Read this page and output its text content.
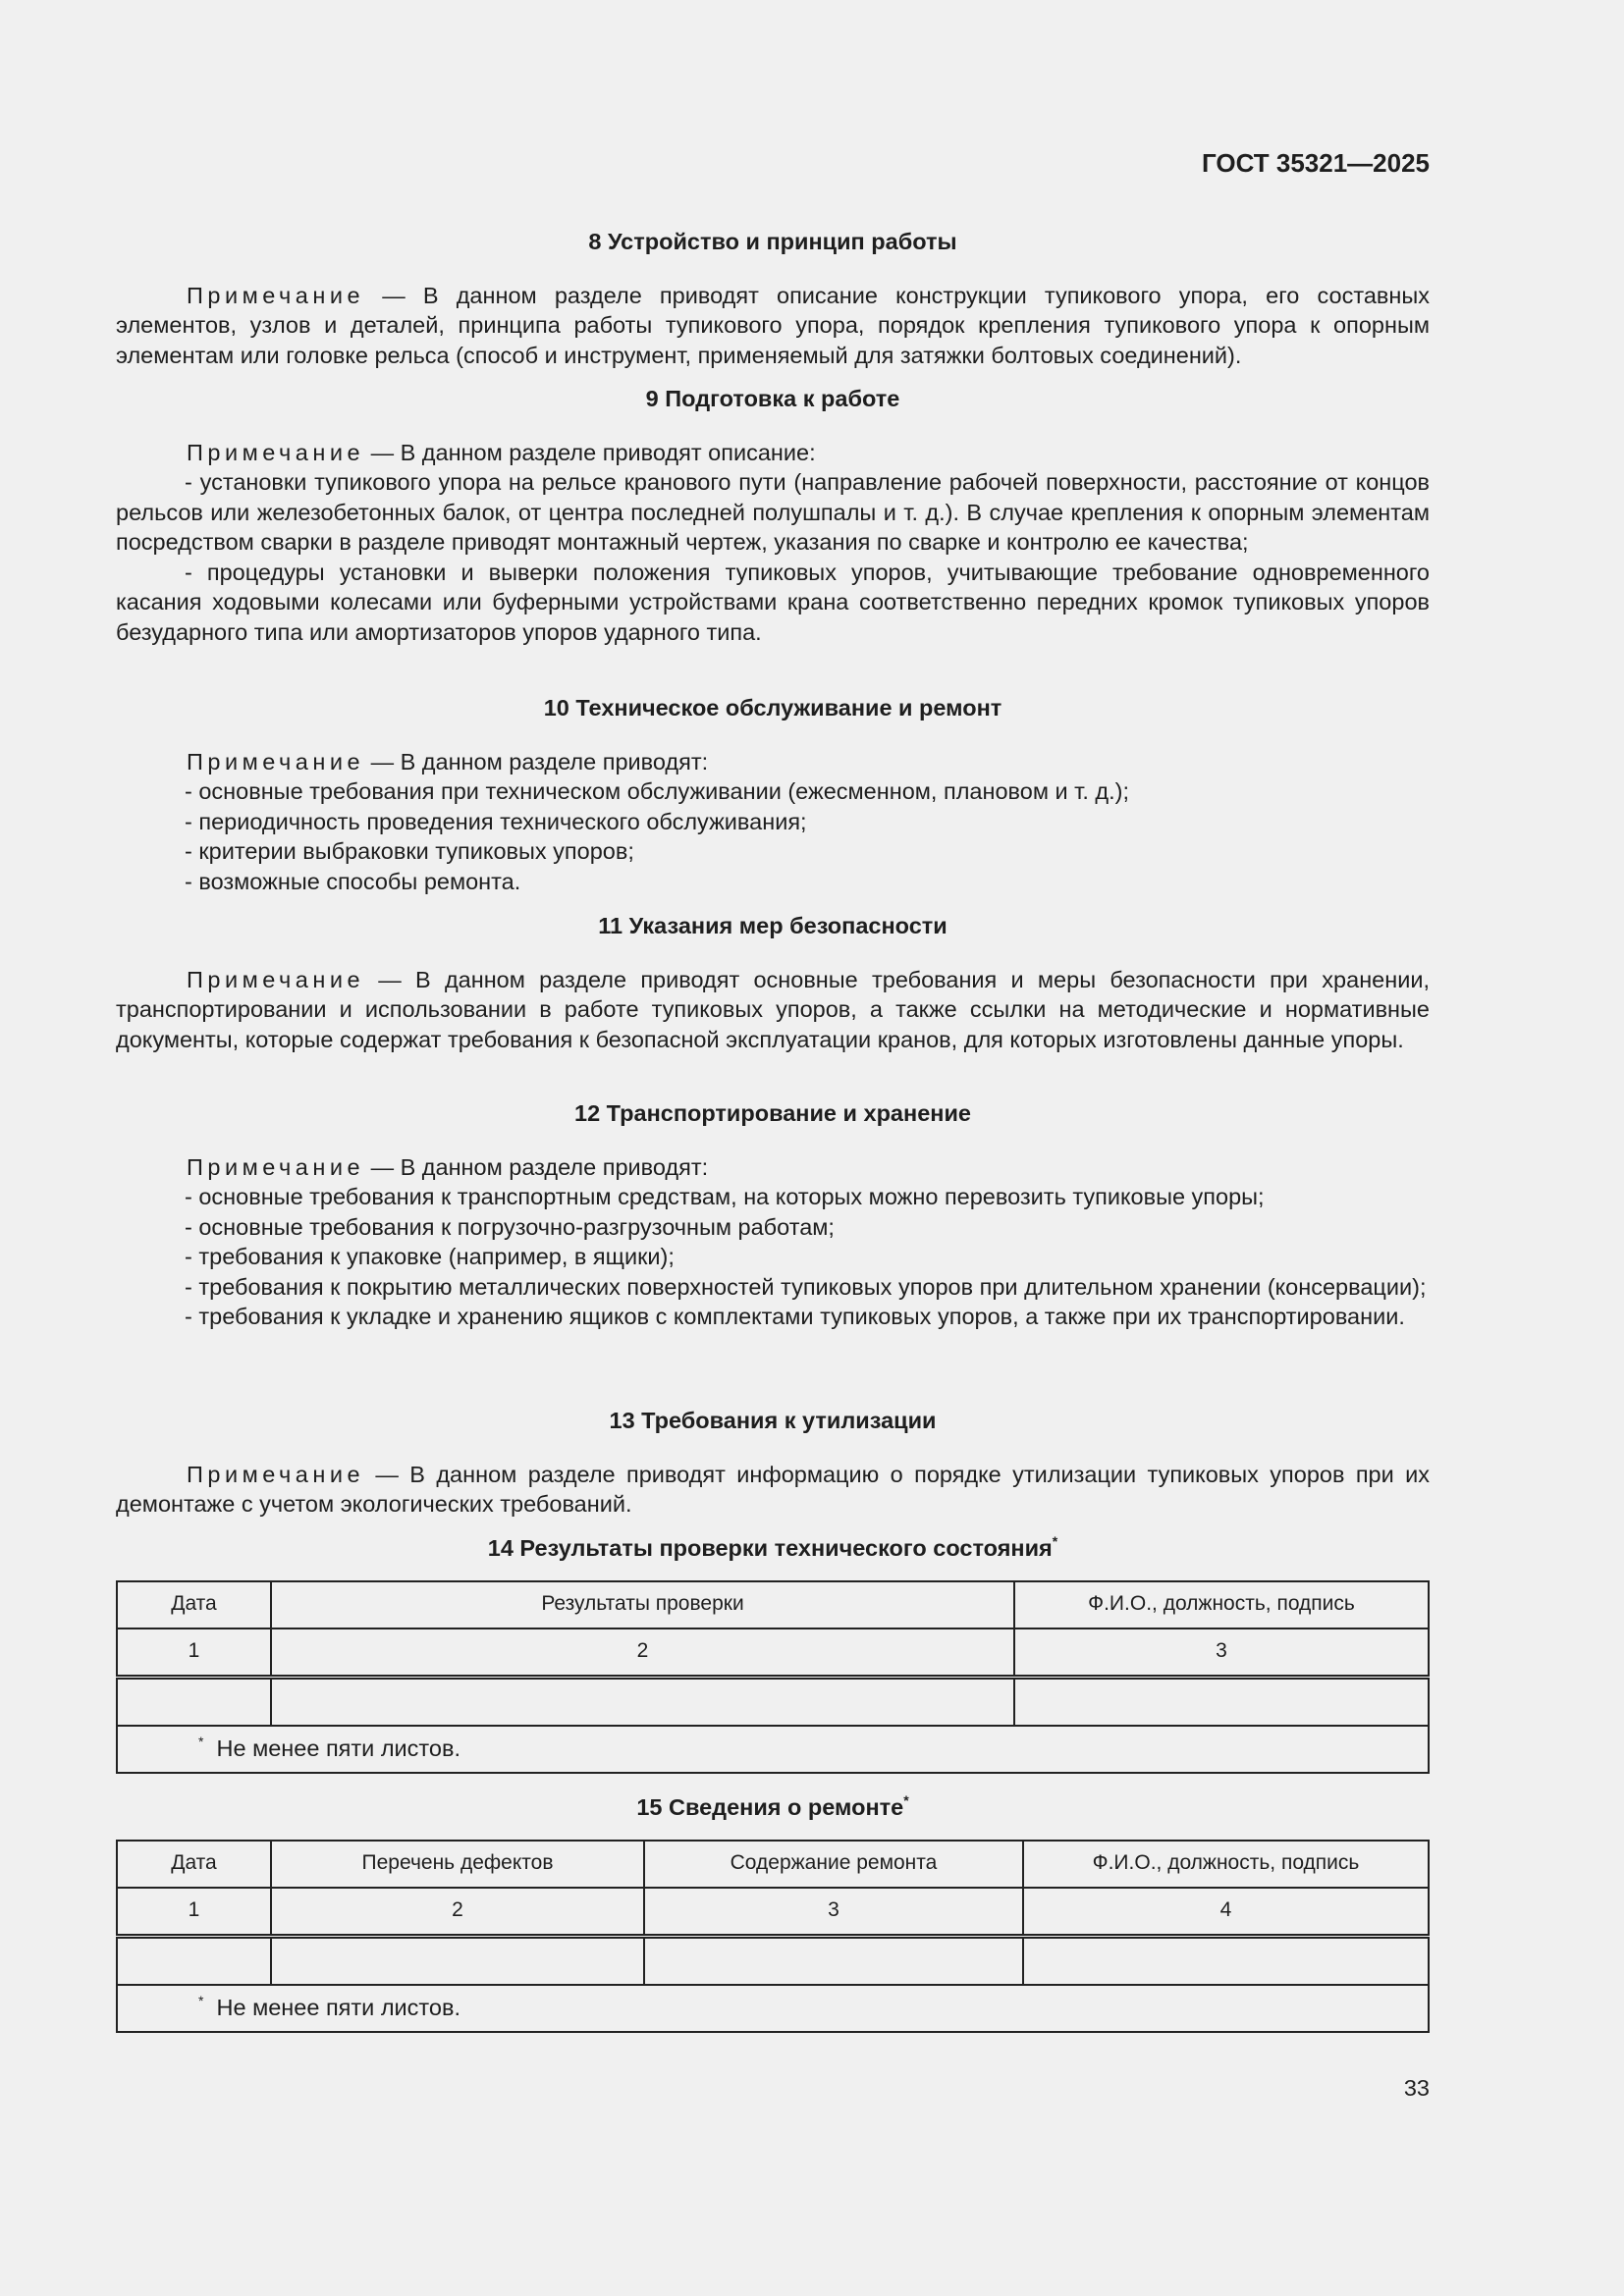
ГОСТ 35321—2025
8 Устройство и принцип работы

Примечание — В данном разделе приводят описание конструкции тупикового упора, его составных элементов, узлов и деталей, принципа работы тупикового упора, порядок крепления тупикового упора к опорным элементам или головке рельса (способ и инструмент, применяемый для затяжки болтовых соединений).

9 Подготовка к работе

Примечание — В данном разделе приводят описание:

- установки тупикового упора на рельсе кранового пути (направление рабочей поверхности, расстояние от концов рельсов или железобетонных балок, от центра последней полушпалы и т. д.). В случае крепления к опорным элементам посредством сварки в разделе приводят монтажный чертеж, указания по сварке и контролю ее качества;

- процедуры установки и выверки положения тупиковых упоров, учитывающие требование одновременного касания ходовыми колесами или буферными устройствами крана соответственно передних кромок тупиковых упоров безударного типа или амортизаторов упоров ударного типа.

10 Техническое обслуживание и ремонт

Примечание — В данном разделе приводят:

- основные требования при техническом обслуживании (ежесменном, плановом и т. д.);

- периодичность проведения технического обслуживания;

- критерии выбраковки тупиковых упоров;

- возможные способы ремонта.

11 Указания мер безопасности

Примечание — В данном разделе приводят основные требования и меры безопасности при хранении, транспортировании и использовании в работе тупиковых упоров, а также ссылки на методические и нормативные документы, которые содержат требования к безопасной эксплуатации кранов, для которых изготовлены данные упоры.

12 Транспортирование и хранение

Примечание — В данном разделе приводят:

- основные требования к транспортным средствам, на которых можно перевозить тупиковые упоры;

- основные требования к погрузочно-разгрузочным работам;

- требования к упаковке (например, в ящики);

- требования к покрытию металлических поверхностей тупиковых упоров при длительном хранении (консервации);

- требования к укладке и хранению ящиков с комплектами тупиковых упоров, а также при их транспортировании.

13 Требования к утилизации

Примечание — В данном разделе приводят информацию о порядке утилизации тупиковых упоров при их демонтаже с учетом экологических требований.

14 Результаты проверки технического состояния*
Дата	Результаты проверки	Ф.И.О., должность, подпись
1	2	3

* Не менее пяти листов.		
15 Сведения о ремонте*
Дата	Перечень дефектов	Содержание ремонта	Ф.И.О., должность, подпись
1	2	3	4

* Не менее пяти листов.			
33
